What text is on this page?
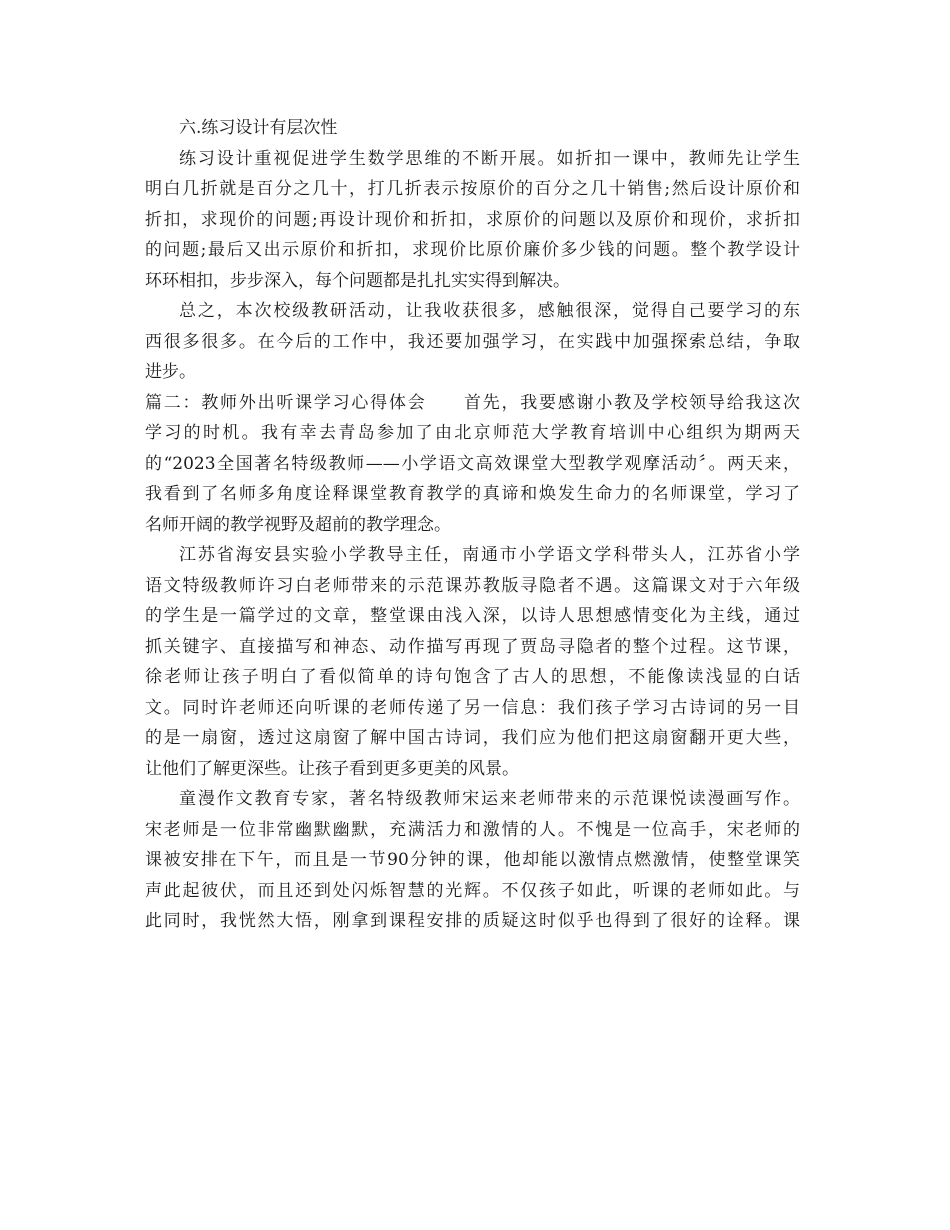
六.练习设计有层次性
练习设计重视促进学生数学思维的不断开展。如折扣一课中，教师先让学生
明白几折就是百分之几十，打几折表示按原价的百分之几十销售;然后设计原价和
折扣，求现价的问题;再设计现价和折扣，求原价的问题以及原价和现价，求折扣
的问题;最后又出示原价和折扣，求现价比原价廉价多少钱的问题。整个教学设计
环环相扣，步步深入，每个问题都是扎扎实实得到解决。
总之，本次校级教研活动，让我收获很多，感触很深，觉得自己要学习的东
西很多很多。在今后的工作中，我还要加强学习，在实践中加强探索总结，争取
进步。
篇二：教师外出听课学习心得体会　　首先，我要感谢小教及学校领导给我这次
学习的时机。我有幸去青岛参加了由北京师范大学教育培训中心组织为期两天
的“2023全国著名特级教师——小学语文高效课堂大型教学观摩活动〞。两天来，
我看到了名师多角度诠释课堂教育教学的真谛和焕发生命力的名师课堂，学习了
名师开阔的教学视野及超前的教学理念。
江苏省海安县实验小学教导主任，南通市小学语文学科带头人，江苏省小学
语文特级教师许习白老师带来的示范课苏教版寻隐者不遇。这篇课文对于六年级
的学生是一篇学过的文章，整堂课由浅入深，以诗人思想感情变化为主线，通过
抓关键字、直接描写和神态、动作描写再现了贾岛寻隐者的整个过程。这节课，
徐老师让孩子明白了看似简单的诗句饱含了古人的思想，不能像读浅显的白话
文。同时许老师还向听课的老师传递了另一信息：我们孩子学习古诗词的另一目
的是一扇窗，透过这扇窗了解中国古诗词，我们应为他们把这扇窗翻开更大些，
让他们了解更深些。让孩子看到更多更美的风景。
童漫作文教育专家，著名特级教师宋运来老师带来的示范课悦读漫画写作。
宋老师是一位非常幽默幽默，充满活力和激情的人。不愧是一位高手，宋老师的
课被安排在下午，而且是一节90分钟的课，他却能以激情点燃激情，使整堂课笑
声此起彼伏，而且还到处闪烁智慧的光辉。不仅孩子如此，听课的老师如此。与
此同时，我恍然大悟，刚拿到课程安排的质疑这时似乎也得到了很好的诠释。课
